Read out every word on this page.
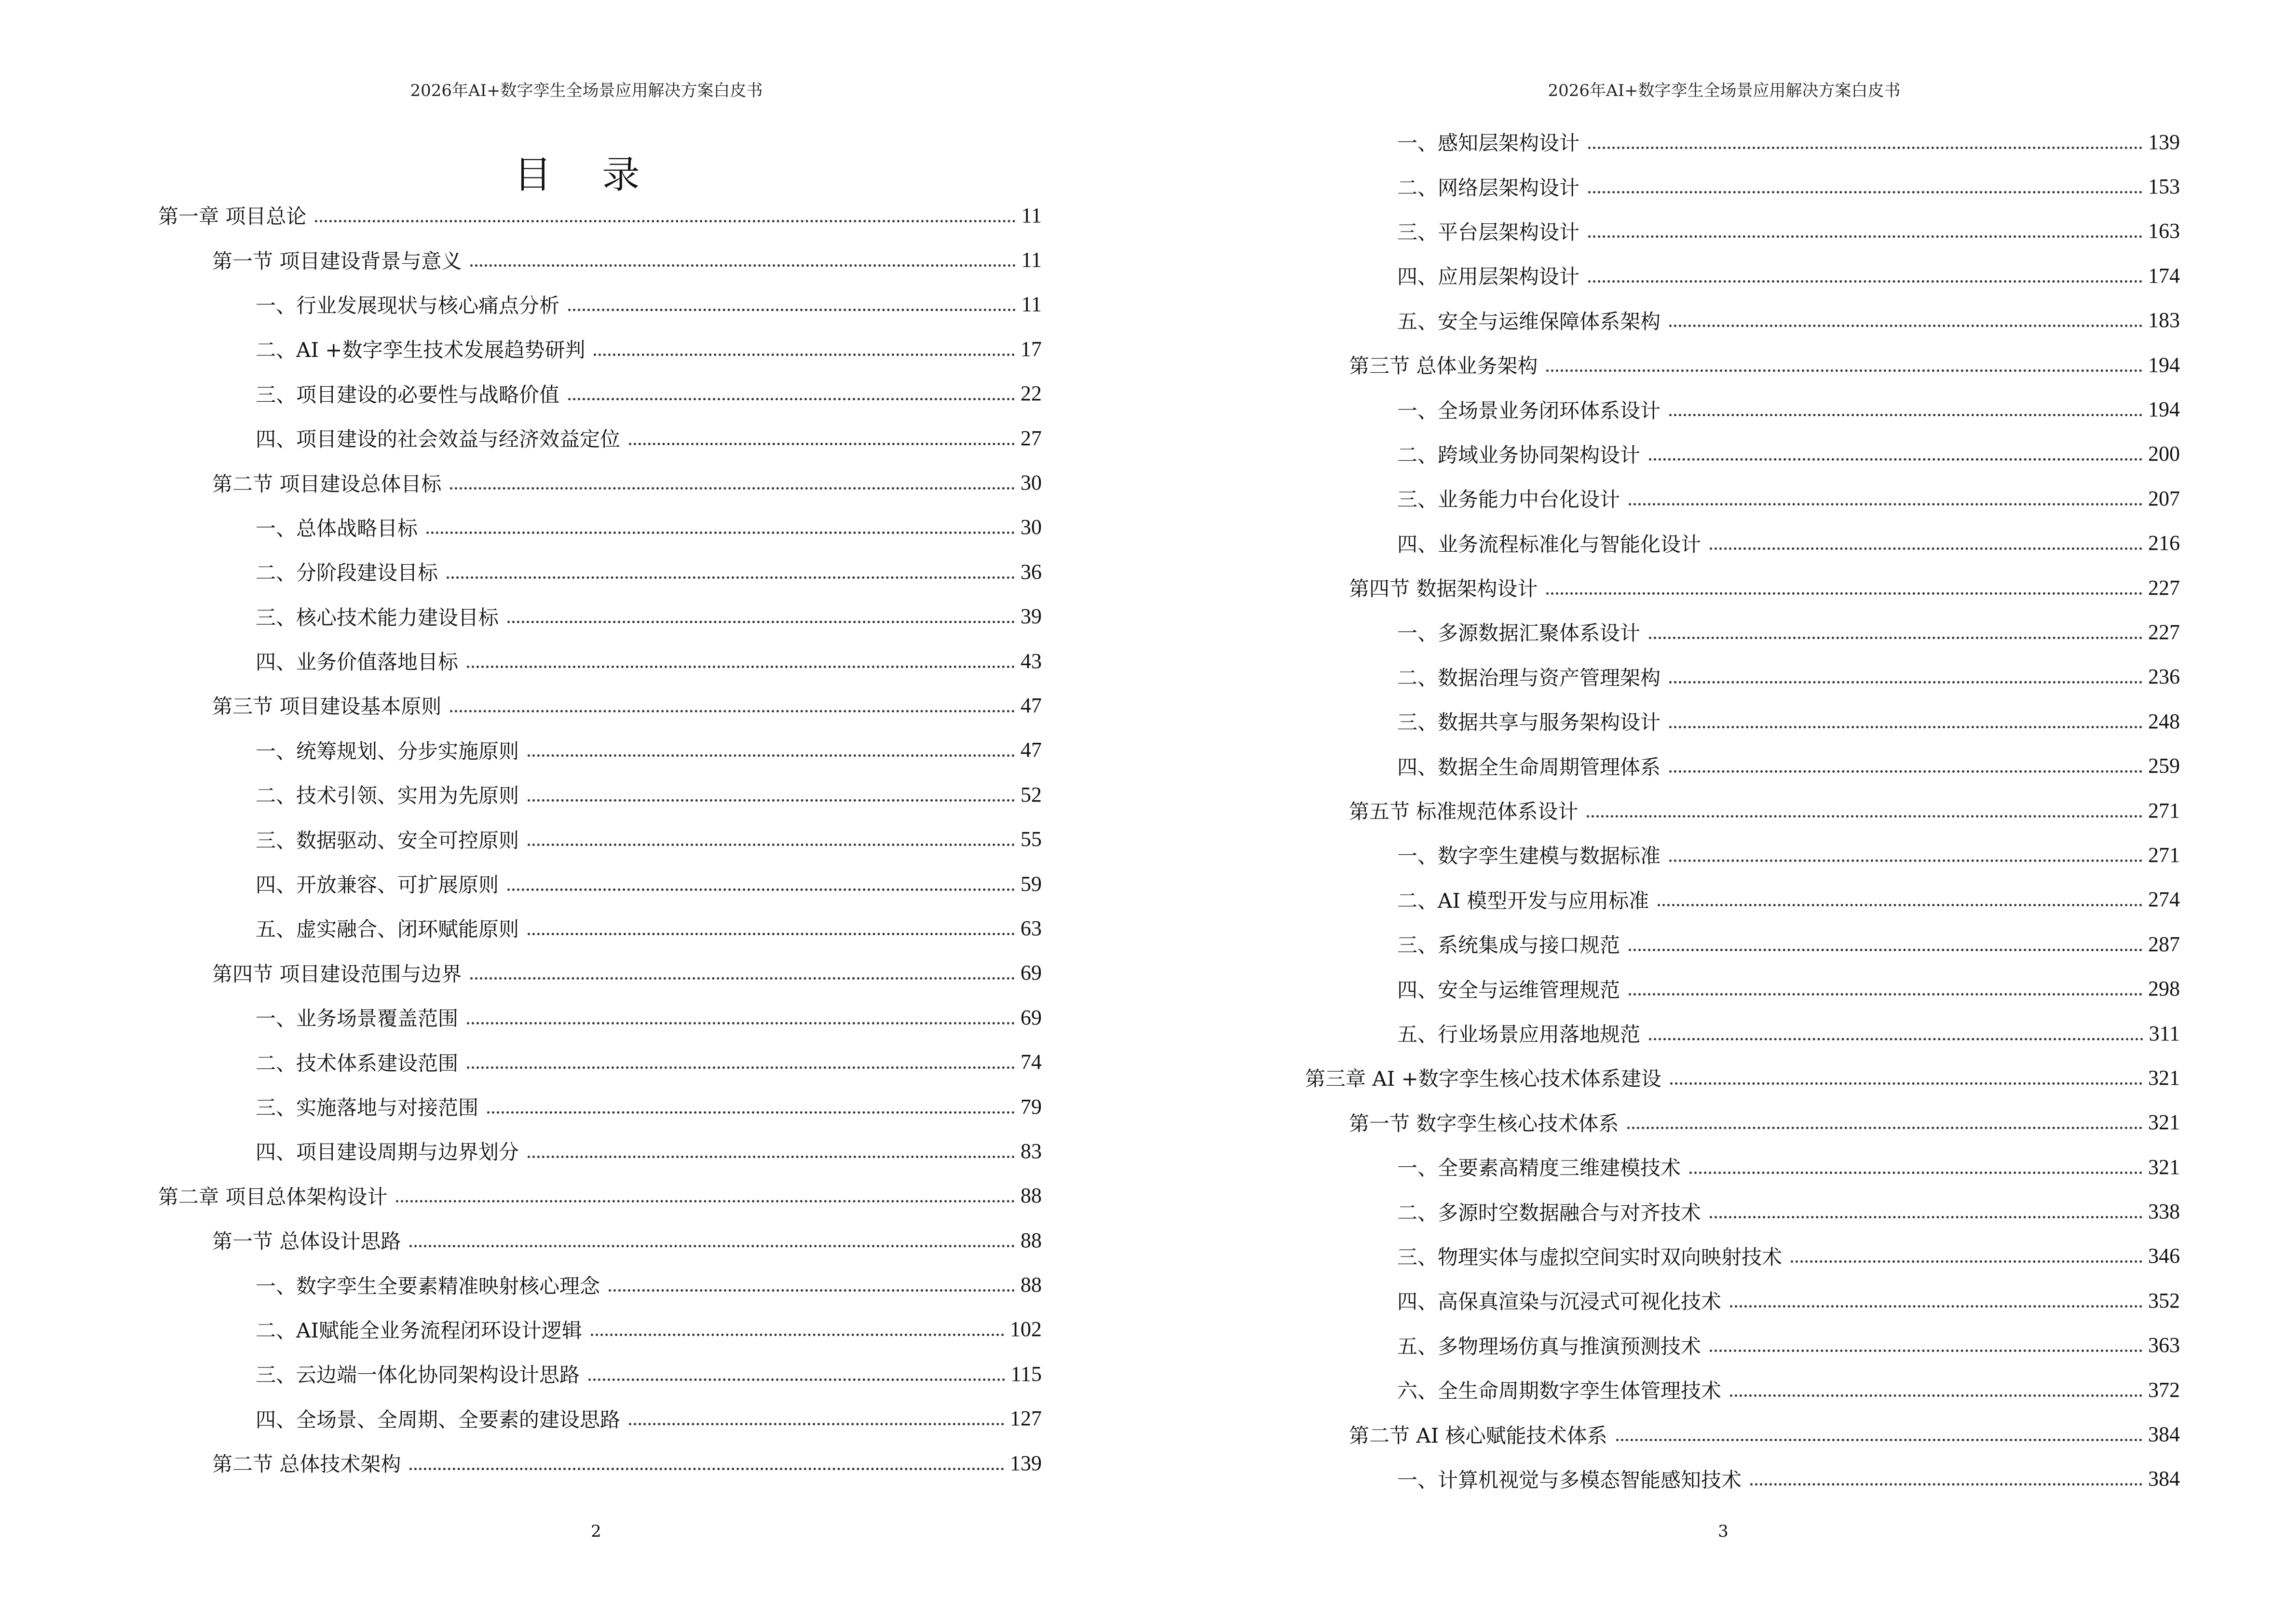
2026年AI+数字孪生全场景应用解决方案白皮书
目 录
第一章 项目总论	11
第一节 项目建设背景与意义	11
一、行业发展现状与核心痛点分析	11
二、AI +数字孪生技术发展趋势研判	17
三、项目建设的必要性与战略价值	22
四、项目建设的社会效益与经济效益定位	27
第二节 项目建设总体目标	30
一、总体战略目标	30
二、分阶段建设目标	36
三、核心技术能力建设目标	39
四、业务价值落地目标	43
第三节 项目建设基本原则	47
一、统筹规划、分步实施原则	47
二、技术引领、实用为先原则	52
三、数据驱动、安全可控原则	55
四、开放兼容、可扩展原则	59
五、虚实融合、闭环赋能原则	63
第四节 项目建设范围与边界	69
一、业务场景覆盖范围	69
二、技术体系建设范围	74
三、实施落地与对接范围	79
四、项目建设周期与边界划分	83
第二章 项目总体架构设计	88
第一节 总体设计思路	88
一、数字孪生全要素精准映射核心理念	88
二、AI赋能全业务流程闭环设计逻辑	102
三、云边端一体化协同架构设计思路	115
四、全场景、全周期、全要素的建设思路	127
第二节 总体技术架构	139
2
2026年AI+数字孪生全场景应用解决方案白皮书
一、感知层架构设计	139
二、网络层架构设计	153
三、平台层架构设计	163
四、应用层架构设计	174
五、安全与运维保障体系架构	183
第三节 总体业务架构	194
一、全场景业务闭环体系设计	194
二、跨域业务协同架构设计	200
三、业务能力中台化设计	207
四、业务流程标准化与智能化设计	216
第四节 数据架构设计	227
一、多源数据汇聚体系设计	227
二、数据治理与资产管理架构	236
三、数据共享与服务架构设计	248
四、数据全生命周期管理体系	259
第五节 标准规范体系设计	271
一、数字孪生建模与数据标准	271
二、AI 模型开发与应用标准	274
三、系统集成与接口规范	287
四、安全与运维管理规范	298
五、行业场景应用落地规范	311
第三章 AI +数字孪生核心技术体系建设	321
第一节 数字孪生核心技术体系	321
一、全要素高精度三维建模技术	321
二、多源时空数据融合与对齐技术	338
三、物理实体与虚拟空间实时双向映射技术	346
四、高保真渲染与沉浸式可视化技术	352
五、多物理场仿真与推演预测技术	363
六、全生命周期数字孪生体管理技术	372
第二节 AI 核心赋能技术体系	384
一、计算机视觉与多模态智能感知技术	384
3
